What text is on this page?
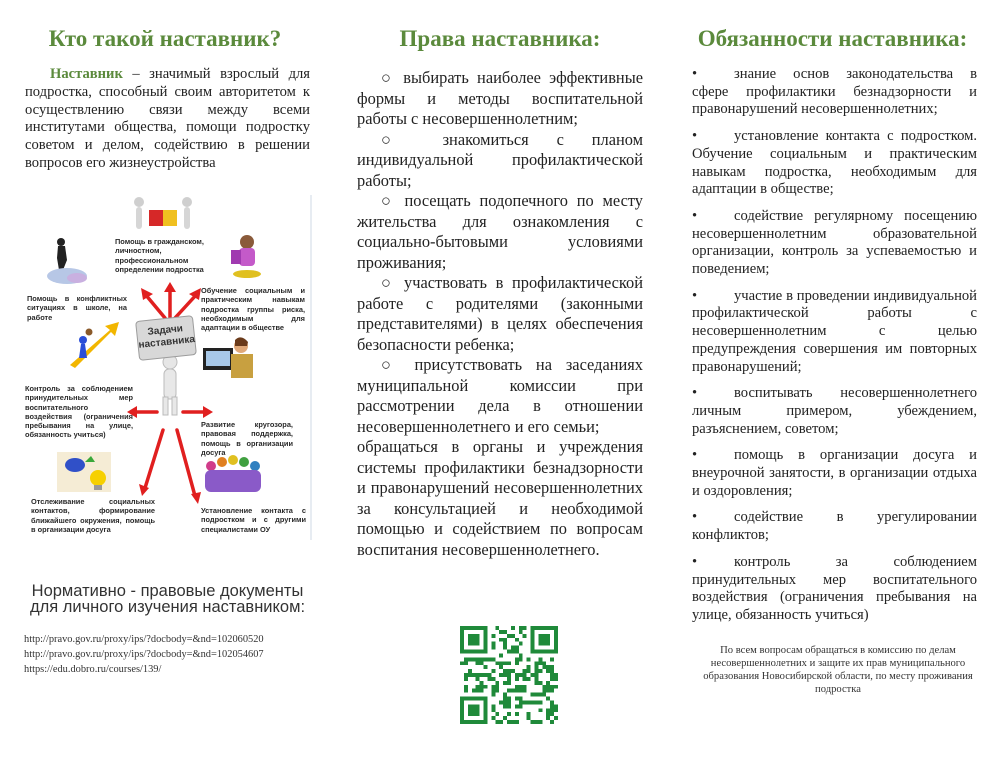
Кто такой наставник?
Наставник – значимый взрослый для подростка, способный своим авторитетом к осуществлению связи между всеми институтами общества, помощи подростку советом и делом, содействию в решении вопросов его жизнеустройства
Задачи
наставника
Помощь в гражданском, личностном, профессиональном определении подростка
Помощь в конфликтных ситуациях в школе, на работе
Обучение социальным и практическим навыкам подростка группы риска, необходимым для адаптации в обществе
Контроль за соблюдением принудительных мер воспитательного воздействия (ограничения пребывания на улице, обязанность учиться)
Развитие кругозора, правовая поддержка, помощь в организации досуга
Отслеживание социальных контактов, формирование ближайшего окружения, помощь в организации досуга
Установление контакта с подростком и с другими специалистами ОУ
Нормативно - правовые документы
для личного изучения наставником:
http://pravo.gov.ru/proxy/ips/?docbody=&nd=102060520
http://pravo.gov.ru/proxy/ips/?docbody=&nd=102054607
https://edu.dobro.ru/courses/139/
Права наставника:

○ выбирать наиболее эффективные формы и методы воспитательной работы с несовершеннолетним;

○ знакомиться с планом индивидуальной профилактической работы;

○ посещать подопечного по месту жительства для ознакомления с социально-бытовыми условиями проживания;

○ участвовать в профилактической работе с родителями (законными представителями) в целях обеспечения безопасности ребенка;

○ присутствовать на заседаниях муниципальной комиссии при рассмотрении дела в отношении несовершеннолетнего и его семьи;

обращаться в органы и учреждения системы профилактики безнадзорности и правонарушений несовершеннолетних за консультацией и необходимой помощью и содействием по вопросам воспитания несовершеннолетнего.

Обязанности наставника:
•	знание основ законодательства в сфере профилактики безнадзорности и правонарушений несовершеннолетних;
•	установление контакта с подростком. Обучение социальным и практическим навыкам подростка, необходимым для адаптации в обществе;
•	содействие регулярному посещению несовершеннолетним образовательной организации, контроль за успеваемостью и поведением;
•	участие в проведении индивидуальной профилактической работы с несовершеннолетним с целью предупреждения совершения им повторных правонарушений;
•	воспитывать несовершеннолетнего личным примером, убеждением, разъяснением, советом;
•	помощь в организации досуга и внеурочной занятости, в организации отдыха и оздоровления;
•	содействие в урегулировании конфликтов;
•	контроль за соблюдением принудительных мер воспитательного воздействия (ограничения пребывания на улице, обязанность учиться)
По всем вопросам обращаться в комиссию по делам несовершеннолетних и защите их прав муниципального образования Новосибирской области, по месту проживания подростка
